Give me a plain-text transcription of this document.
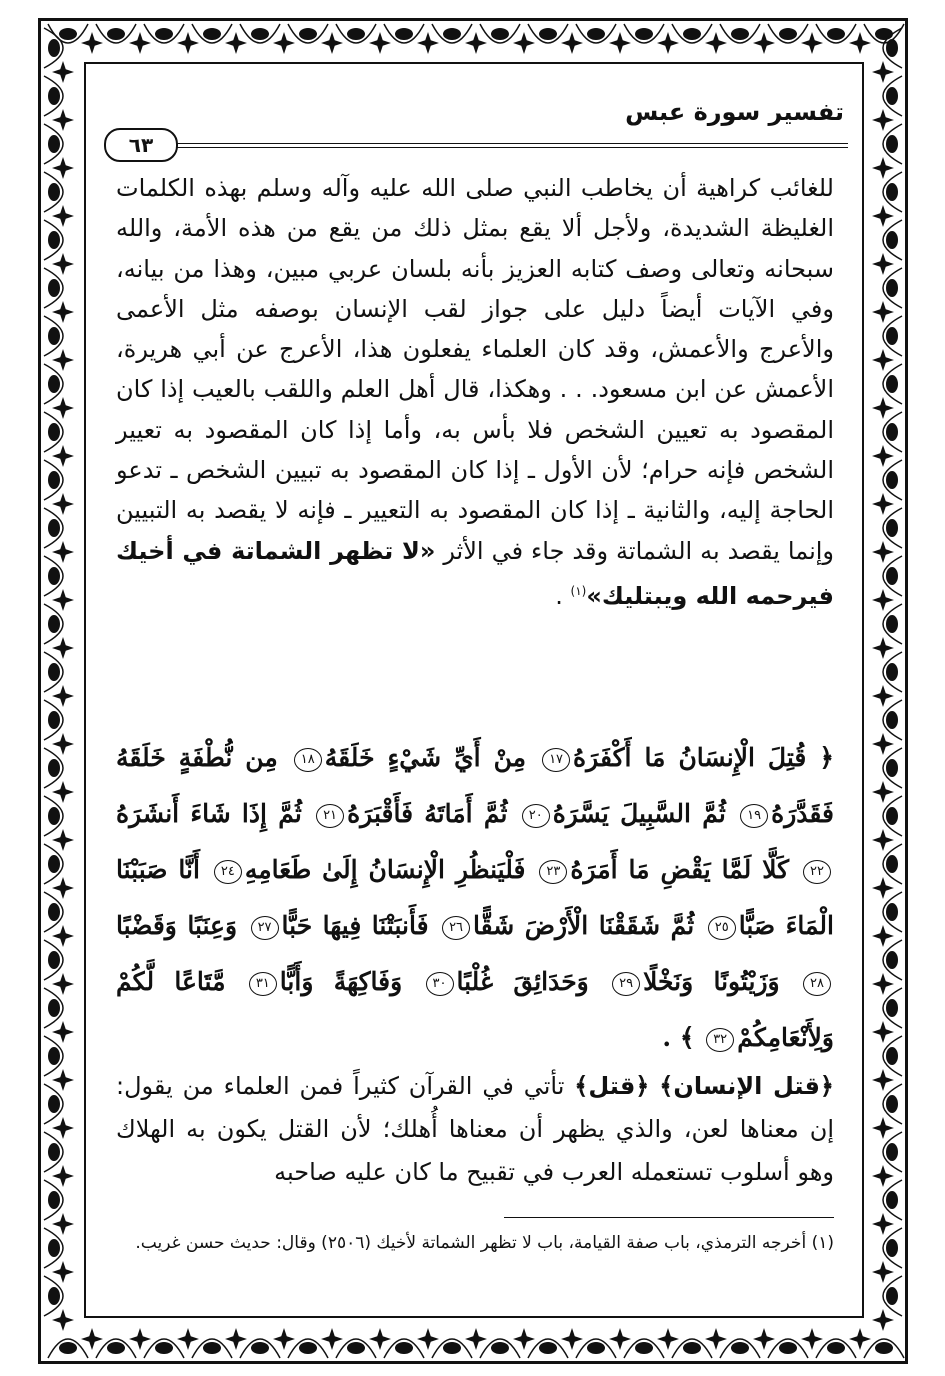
تفسير سورة عبس
٦٣

للغائب كراهية أن يخاطب النبي صلى الله عليه وآله وسلم بهذه الكلمات الغليظة الشديدة، ولأجل ألا يقع بمثل ذلك من يقع من هذه الأمة، والله سبحانه وتعالى وصف كتابه العزيز بأنه بلسان عربي مبين، وهذا من بيانه، وفي الآيات أيضاً دليل على جواز لقب الإنسان بوصفه مثل الأعمى والأعرج والأعمش، وقد كان العلماء يفعلون هذا، الأعرج عن أبي هريرة، الأعمش عن ابن مسعود. . . وهكذا، قال أهل العلم واللقب بالعيب إذا كان المقصود به تعيين الشخص فلا بأس به، وأما إذا كان المقصود به تعيير الشخص فإنه حرام؛ لأن الأول ـ إذا كان المقصود به تبيين الشخص ـ تدعو الحاجة إليه، والثانية ـ إذا كان المقصود به التعيير ـ فإنه لا يقصد به التبيين وإنما يقصد به الشماتة وقد جاء في الأثر «لا تظهر الشماتة في أخيك فيرحمه الله ويبتليك»$^{(١)}$ .

﴿ قُتِلَ الْإِنسَانُ مَا أَكْفَرَهُ١٧ مِنْ أَيِّ شَيْءٍ خَلَقَهُ١٨ مِن نُّطْفَةٍ خَلَقَهُ فَقَدَّرَهُ١٩ ثُمَّ السَّبِيلَ يَسَّرَهُ٢٠ ثُمَّ أَمَاتَهُ فَأَقْبَرَهُ٢١ ثُمَّ إِذَا شَاءَ أَنشَرَهُ٢٢ كَلَّا لَمَّا يَقْضِ مَا أَمَرَهُ٢٣ فَلْيَنظُرِ الْإِنسَانُ إِلَىٰ طَعَامِهِ٢٤ أَنَّا صَبَبْنَا الْمَاءَ صَبًّا٢٥ ثُمَّ شَقَقْنَا الْأَرْضَ شَقًّا٢٦ فَأَنبَتْنَا فِيهَا حَبًّا٢٧ وَعِنَبًا وَقَضْبًا٢٨ وَزَيْتُونًا وَنَخْلًا٢٩ وَحَدَائِقَ غُلْبًا٣٠ وَفَاكِهَةً وَأَبًّا٣١ مَّتَاعًا لَّكُمْ وَلِأَنْعَامِكُمْ٣٢ ﴾ .
﴿قتل الإنسان﴾ ﴿قتل﴾ تأتي في القرآن كثيراً فمن العلماء من يقول: إن معناها لعن، والذي يظهر أن معناها أُهلك؛ لأن القتل يكون به الهلاك وهو أسلوب تستعمله العرب في تقبيح ما كان عليه صاحبه
(١) أخرجه الترمذي، باب صفة القيامة، باب لا تظهر الشماتة لأخيك (٢٥٠٦) وقال: حديث حسن غريب.
